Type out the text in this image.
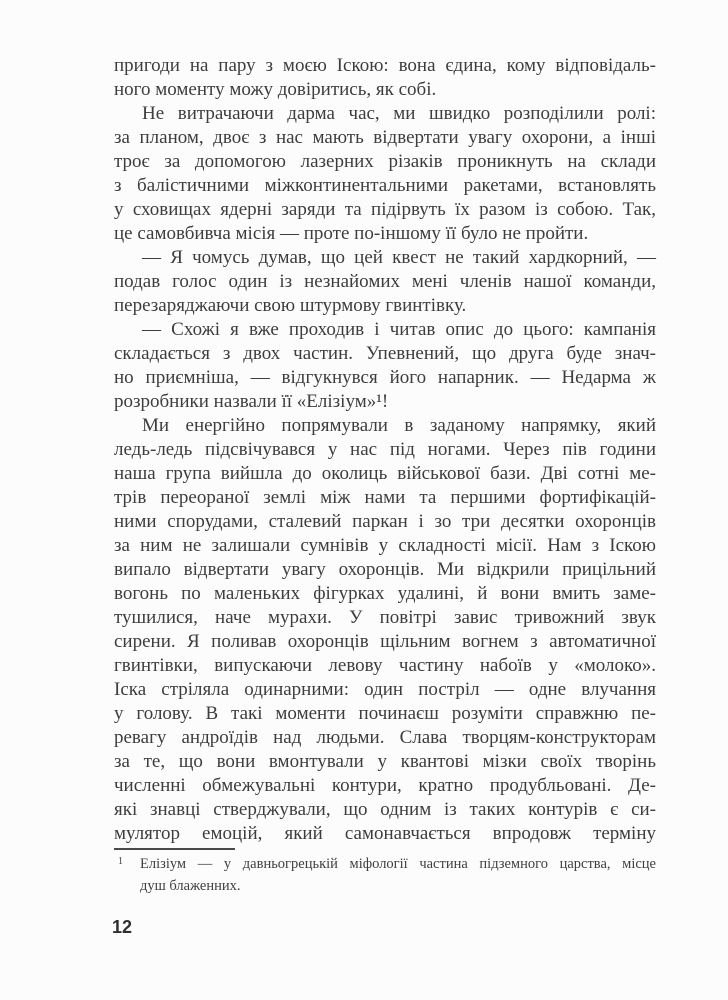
пригоди на пару з моєю Іскою: вона єдина, кому відповідаль-
ного моменту можу довіритись, як собі.
Не витрачаючи дарма час, ми швидко розподілили ролі:
за планом, двоє з нас мають відвертати увагу охорони, а інші
троє за допомогою лазерних різаків проникнуть на склади
з балістичними міжконтинентальними ракетами, встановлять
у сховищах ядерні заряди та підірвуть їх разом із собою. Так,
це самовбивча місія — проте по-іншому її було не пройти.
— Я чомусь думав, що цей квест не такий хардкорний, —
подав голос один із незнайомих мені членів нашої команди,
перезаряджаючи свою штурмову гвинтівку.
— Схожі я вже проходив і читав опис до цього: кампанія
складається з двох частин. Упевнений, що друга буде знач-
но приємніша, — відгукнувся його напарник. — Недарма ж
розробники назвали її «Елізіум»¹!
Ми енергійно попрямували в заданому напрямку, який
ледь-ледь підсвічувався у нас під ногами. Через пів години
наша група вийшла до околиць військової бази. Дві сотні ме-
трів переораної землі між нами та першими фортифікацій-
ними спорудами, сталевий паркан і зо три десятки охоронців
за ним не залишали сумнівів у складності місії. Нам з Іскою
випало відвертати увагу охоронців. Ми відкрили прицільний
вогонь по маленьких фігурках удалині, й вони вмить заме-
тушилися, наче мурахи. У повітрі завис тривожний звук
сирени. Я поливав охоронців щільним вогнем з автоматичної
гвинтівки, випускаючи левову частину набоїв у «молоко».
Іска стріляла одинарними: один постріл — одне влучання
у голову. В такі моменти починаєш розуміти справжню пе-
ревагу андроїдів над людьми. Слава творцям-конструкторам
за те, що вони вмонтували у квантові мізки своїх творінь
численні обмежувальні контури, кратно продубльовані. Де-
які знавці стверджували, що одним із таких контурів є си-
мулятор емоцій, який самонавчається впродовж терміну
1 Елізіум — у давньогрецькій міфології частина підземного царства, місце
душ блаженних.
12
